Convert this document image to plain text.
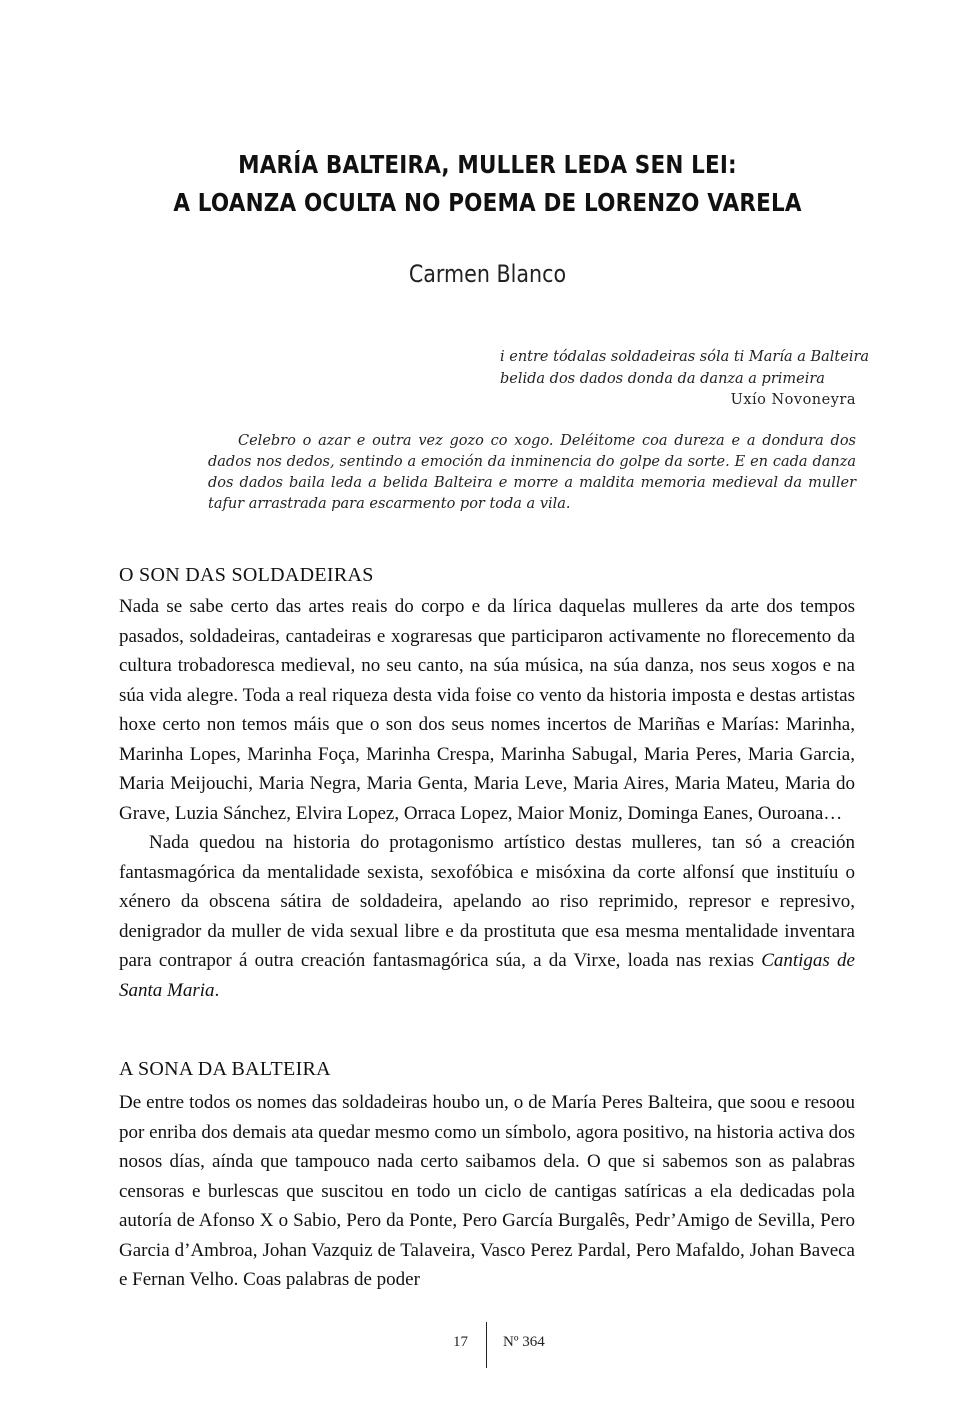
MARÍA BALTEIRA, MULLER LEDA SEN LEI:
A LOANZA OCULTA NO POEMA DE LORENZO VARELA
Carmen Blanco
i entre tódalas soldadeiras sóla ti María a Balteira
belida dos dados donda da danza a primeira
Uxío Novoneyra
Celebro o azar e outra vez gozo co xogo. Deléitome coa dureza e a dondura dos dados nos dedos, sentindo a emoción da inminencia do golpe da sorte. E en cada danza dos dados baila leda a belida Balteira e morre a maldita memoria medieval da muller tafur arrastrada para escarmento por toda a vila.
O SON DAS SOLDADEIRAS

Nada se sabe certo das artes reais do corpo e da lírica daquelas mulleres da arte dos tempos pasados, soldadeiras, cantadeiras e xograresas que participaron activamente no florecemento da cultura trobadoresca medieval, no seu canto, na súa música, na súa danza, nos seus xogos e na súa vida alegre. Toda a real riqueza desta vida foise co vento da historia imposta e destas artistas hoxe certo non temos máis que o son dos seus nomes incertos de Mariñas e Marías: Marinha, Marinha Lopes, Marinha Foça, Marinha Crespa, Marinha Sabugal, Maria Peres, Maria Garcia, Maria Meijouchi, Maria Negra, Maria Genta, Maria Leve, Maria Aires, Maria Mateu, Maria do Grave, Luzia Sánchez, Elvira Lopez, Orraca Lopez, Maior Moniz, Dominga Eanes, Ouroana…

Nada quedou na historia do protagonismo artístico destas mulleres, tan só a creación fantasmagórica da mentalidade sexista, sexofóbica e misóxina da corte alfonsí que instituíu o xénero da obscena sátira de soldadeira, apelando ao riso reprimido, represor e represivo, denigrador da muller de vida sexual libre e da prostituta que esa mesma mentalidade inventara para contrapor á outra creación fantasmagórica súa, a da Virxe, loada nas rexias Cantigas de Santa Maria.

A SONA DA BALTEIRA

De entre todos os nomes das soldadeiras houbo un, o de María Peres Balteira, que soou e resoou por enriba dos demais ata quedar mesmo como un símbolo, agora positivo, na historia activa dos nosos días, aínda que tampouco nada certo saibamos dela. O que si sabemos son as palabras censoras e burlescas que suscitou en todo un ciclo de cantigas satíricas a ela dedicadas pola autoría de Afonso X o Sabio, Pero da Ponte, Pero García Burgalês, Pedr’Amigo de Sevilla, Pero Garcia d’Ambroa, Johan Vazquiz de Talaveira, Vasco Perez Pardal, Pero Mafaldo, Johan Baveca e Fernan Velho. Coas palabras de poder

17 Nº 364
